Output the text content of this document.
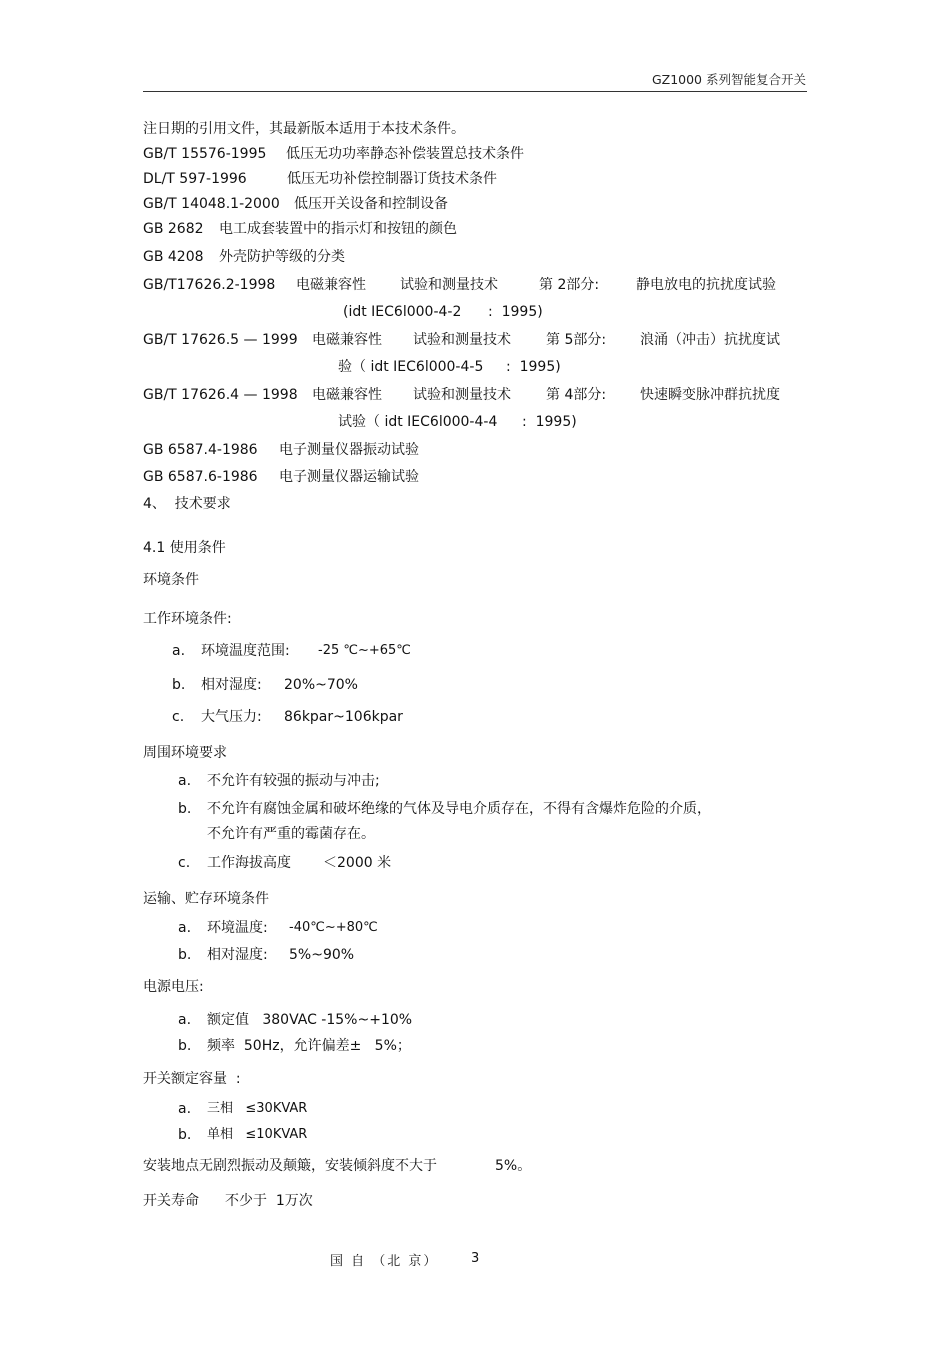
GZ1000 系列智能复合开关
注日期的引用文件，其最新版本适用于本技术条件。
GB/T 15576-1995 低压无功功率静态补偿装置总技术条件
DL/T 597-1996	低压无功补偿控制器订货技术条件
GB/T 14048.1-2000 低压开关设备和控制设备
GB 2682 电工成套装置中的指示灯和按钮的颜色
GB 4208 外壳防护等级的分类
GB/T17626.2-1998 电磁兼容性 试验和测量技术	第 2部分:	静电放电的抗扰度试验
(idt IEC6l000-4-2 :  1995)
GB/T 17626.5 — 1999 电磁兼容性 试验和测量技术	第 5部分: 浪涌（冲击）抗扰度试
验（ idt IEC6l000-4-5 :  1995)
GB/T 17626.4 — 1998 电磁兼容性 试验和测量技术	第 4部分: 快速瞬变脉冲群抗扰度
试验（ idt IEC6l000-4-4 :  1995)
GB 6587.4-1986 电子测量仪器振动试验
GB 6587.6-1986 电子测量仪器运输试验
4、  技术要求
4.1 使用条件
环境条件
工作环境条件:
a. 环境温度范围: -25 ℃~+65℃
b. 相对湿度: 20%~70%
c. 大气压力: 86kpar~106kpar
周围环境要求
a. 不允许有较强的振动与冲击;
b. 不允许有腐蚀金属和破坏绝缘的气体及导电介质存在，不得有含爆炸危险的介质，
不允许有严重的霉菌存在。
c. 工作海拔高度 ＜2000 米
运输、贮存环境条件
a. 环境温度: -40℃~+80℃
b. 相对湿度: 5%~90%
电源电压:
a. 额定值   380VAC -15%~+10%
b. 频率  50Hz，允许偏差±   5%；
开关额定容量  :
a. 三相   ≤30KVAR
b. 单相   ≤10KVAR
安装地点无剧烈振动及颠簸，安装倾斜度不大于	5%。
开关寿命 不少于  1万次
国 自 （北 京）	3
